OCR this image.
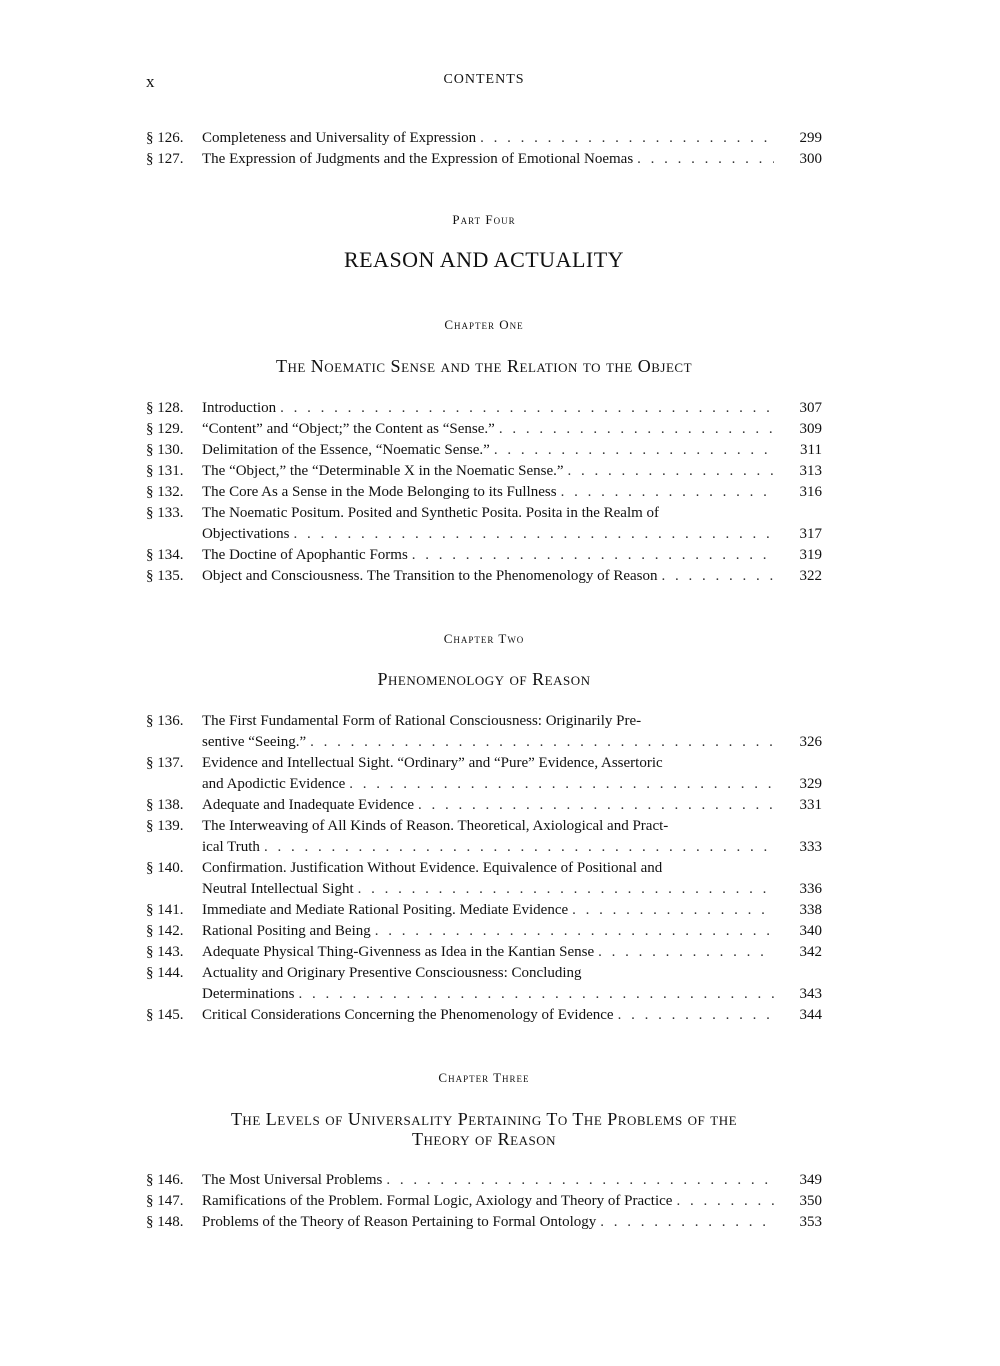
x	CONTENTS
§ 126.	Completeness and Universality of Expression . . .	299
§ 127.	The Expression of Judgments and the Expression of Emotional Noemas . . .	300
Part Four
REASON AND ACTUALITY
Chapter One
The Noematic Sense and the Relation to the Object
§ 128.	Introduction . . .	307
§ 129.	“Content” and “Object;” the Content as “Sense.” . . .	309
§ 130.	Delimitation of the Essence, “Noematic Sense.” . . .	311
§ 131.	The “Object,” the “Determinable X in the Noematic Sense.” . . .	313
§ 132.	The Core As a Sense in the Mode Belonging to its Fullness . . .	316
§ 133.	The Noematic Positum. Posited and Synthetic Posita. Posita in the Realm of
Objectivations . . .	317
§ 134.	The Doctine of Apophantic Forms . . .	319
§ 135.	Object and Consciousness. The Transition to the Phenomenology of Reason . . .	322
Chapter Two
Phenomenology of Reason
§ 136.	The First Fundamental Form of Rational Consciousness: Originarily Pre-
sentive “Seeing.” . . .	326
§ 137.	Evidence and Intellectual Sight. “Ordinary” and “Pure” Evidence, Assertoric
and Apodictic Evidence . . .	329
§ 138.	Adequate and Inadequate Evidence . . .	331
§ 139.	The Interweaving of All Kinds of Reason. Theoretical, Axiological and Pract-
ical Truth . . .	333
§ 140.	Confirmation. Justification Without Evidence. Equivalence of Positional and
Neutral Intellectual Sight . . .	336
§ 141.	Immediate and Mediate Rational Positing. Mediate Evidence . . .	338
§ 142.	Rational Positing and Being . . .	340
§ 143.	Adequate Physical Thing-Givenness as Idea in the Kantian Sense . . .	342
§ 144.	Actuality and Originary Presentive Consciousness: Concluding
Determinations . . .	343
§ 145.	Critical Considerations Concerning the Phenomenology of Evidence . . .	344
Chapter Three
The Levels of Universality Pertaining To The Problems of the
Theory of Reason
§ 146.	The Most Universal Problems . . .	349
§ 147.	Ramifications of the Problem. Formal Logic, Axiology and Theory of Practice . . .	350
§ 148.	Problems of the Theory of Reason Pertaining to Formal Ontology . . .	353
